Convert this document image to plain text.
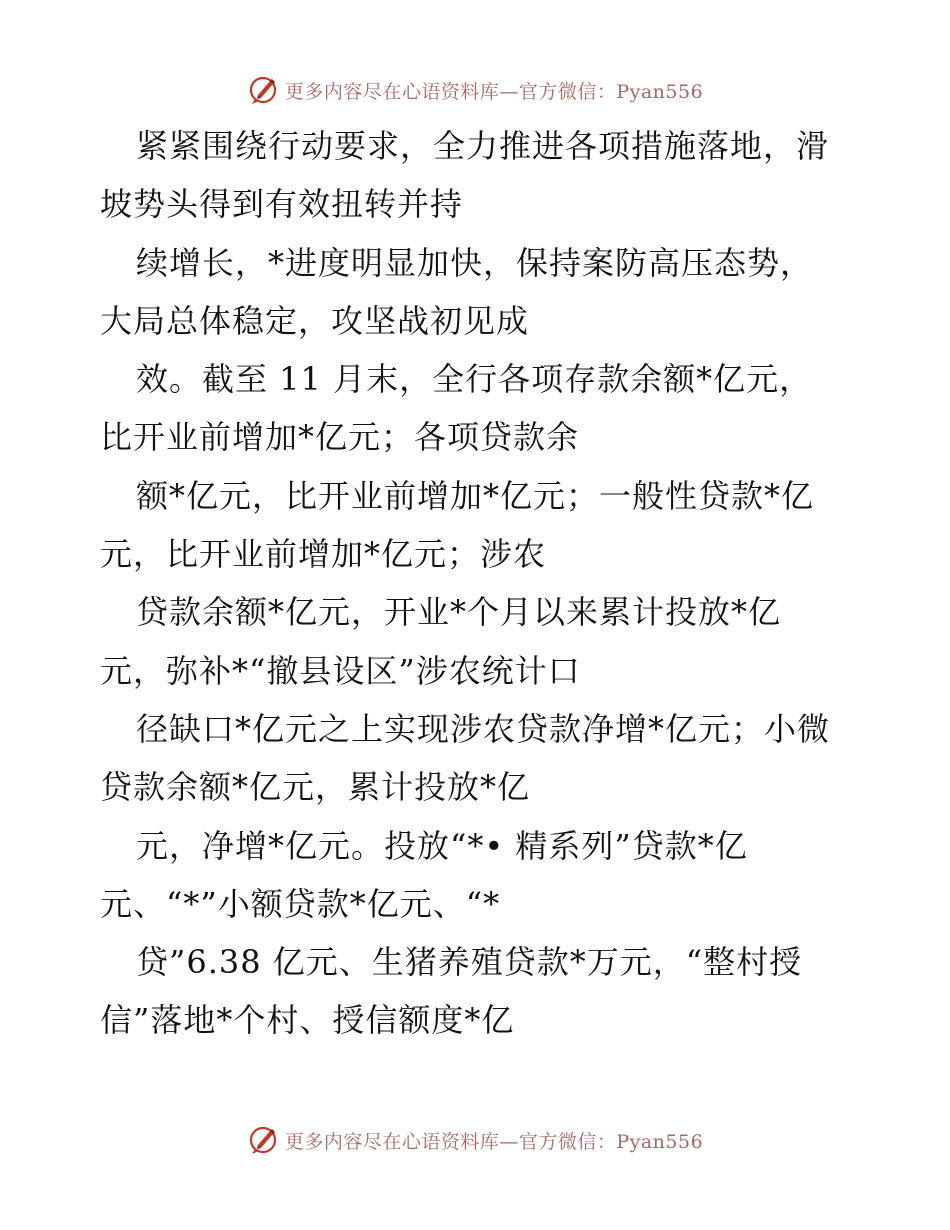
更多内容尽在心语资料库—官方微信：Pyan556

紧紧围绕行动要求，全力推进各项措施落地，滑

坡势头得到有效扭转并持

续增长，*进度明显加快，保持案防高压态势，

大局总体稳定，攻坚战初见成

效。截至 11 月末，全行各项存款余额*亿元，

比开业前增加*亿元；各项贷款余

额*亿元，比开业前增加*亿元；一般性贷款*亿

元，比开业前增加*亿元；涉农

贷款余额*亿元，开业*个月以来累计投放*亿

元，弥补*“撤县设区”涉农统计口

径缺口*亿元之上实现涉农贷款净增*亿元；小微

贷款余额*亿元，累计投放*亿

元，净增*亿元。投放“*• 精系列”贷款*亿

元、“*”小额贷款*亿元、“*

贷”6.38 亿元、生猪养殖贷款*万元，“整村授

信”落地*个村、授信额度*亿

更多内容尽在心语资料库—官方微信：Pyan556
